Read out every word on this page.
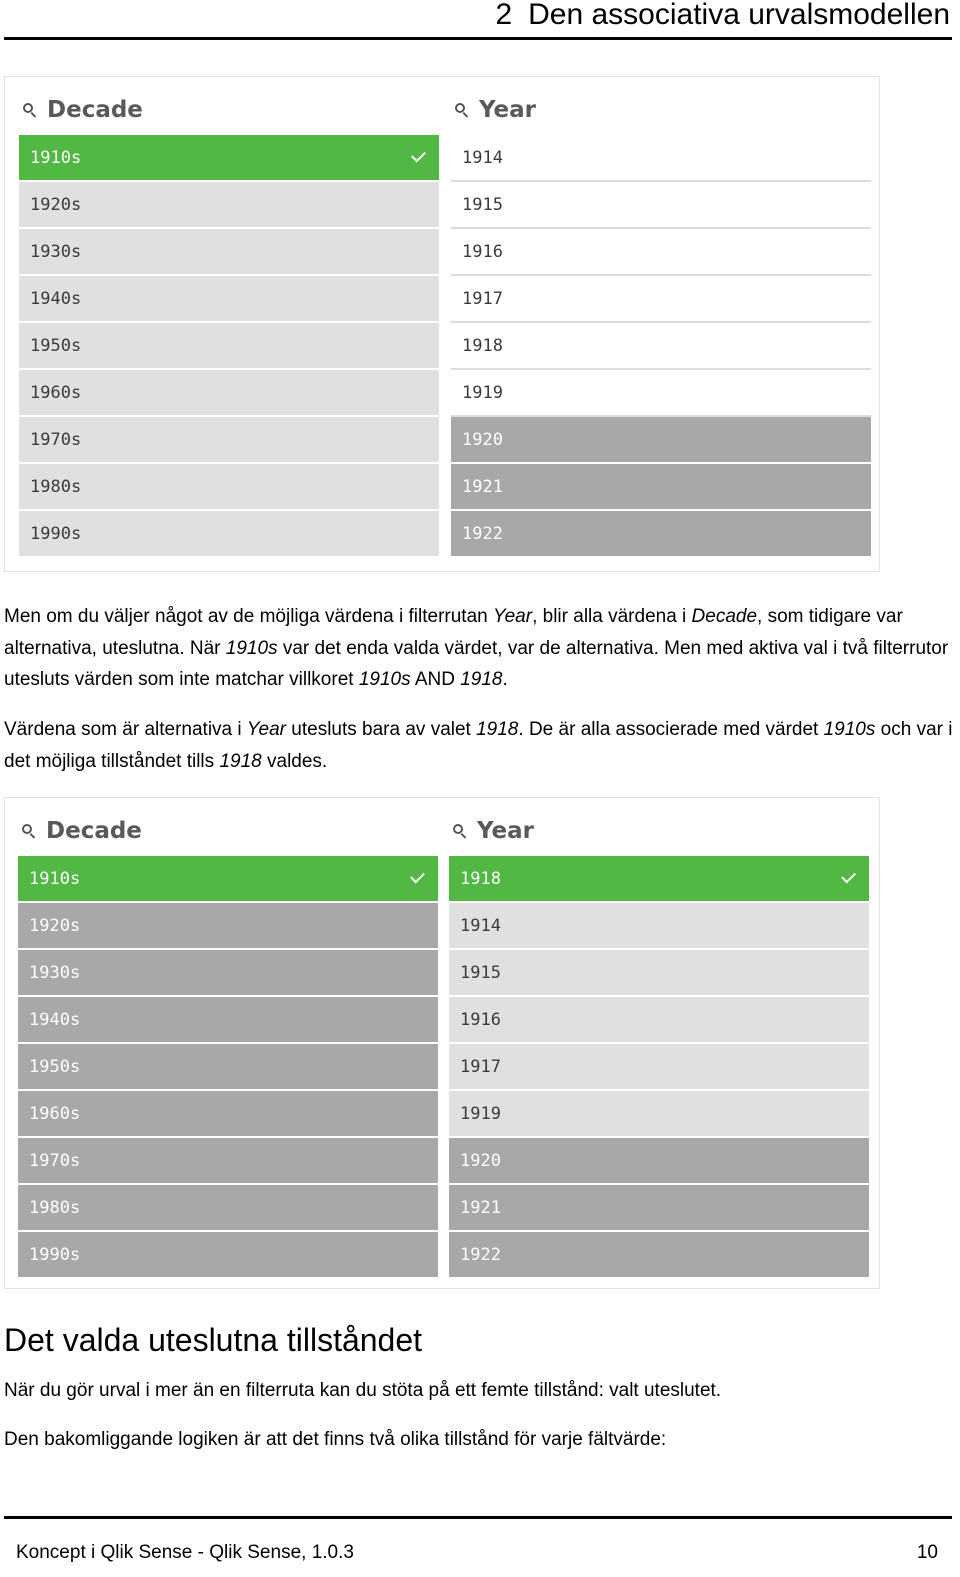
2 Den associativa urvalsmodellen
Decade
1910s
1920s
1930s
1940s
1950s
1960s
1970s
1980s
1990s
Year
1914
1915
1916
1917
1918
1919
1920
1921
1922
Men om du väljer något av de möjliga värdena i filterrutan Year, blir alla värdena i Decade, som tidigare var alternativa, uteslutna. När 1910s var det enda valda värdet, var de alternativa. Men med aktiva val i två filterrutor utesluts värden som inte matchar villkoret 1910s AND 1918.
Värdena som är alternativa i Year utesluts bara av valet 1918. De är alla associerade med värdet 1910s och var i det möjliga tillståndet tills 1918 valdes.
Decade
1910s
1920s
1930s
1940s
1950s
1960s
1970s
1980s
1990s
Year
1918
1914
1915
1916
1917
1919
1920
1921
1922
Det valda uteslutna tillståndet
När du gör urval i mer än en filterruta kan du stöta på ett femte tillstånd: valt uteslutet.
Den bakomliggande logiken är att det finns två olika tillstånd för varje fältvärde:
Koncept i Qlik Sense - Qlik Sense, 1.0.3	10
